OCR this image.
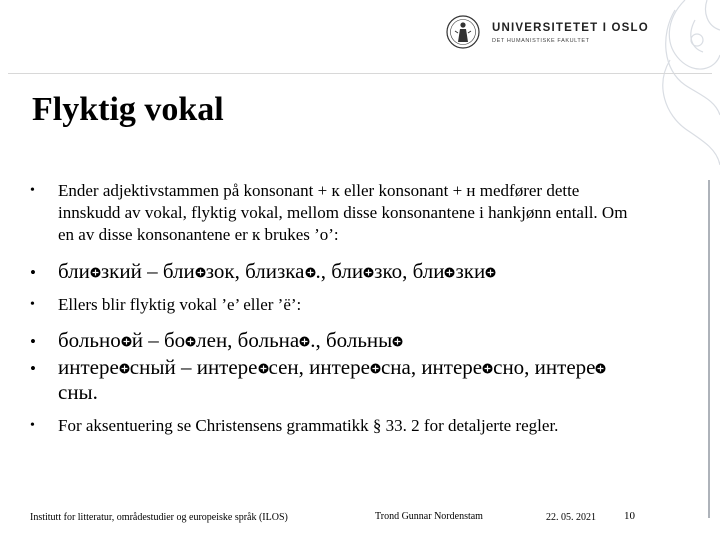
UNIVERSITETET I OSLO
DET HUMANISTISKE FAKULTET
Flyktig vokal
• Ender adjektivstammen på konsonant + к eller konsonant + н medfører dette innskudd av vokal, flyktig vokal, mellom disse konsonantene i hankjønn entall. Om en av disse konsonantene er к brukes ’о’:
• бли зкий – бли зок, близка ., бли зко, бли зки
• Ellers blir flyktig vokal ’е’ eller ’ё’:
• больно й – бо лен, больна ., больны
• интере сный – интере сен, интере сна, интере сно, интере
сны.
• For aksentuering se Christensens grammatikk § 33. 2 for detaljerte regler.
Institutt for litteratur, områdestudier og europeiske språk (ILOS)	Trond Gunnar Nordenstam	22. 05. 2021	10
